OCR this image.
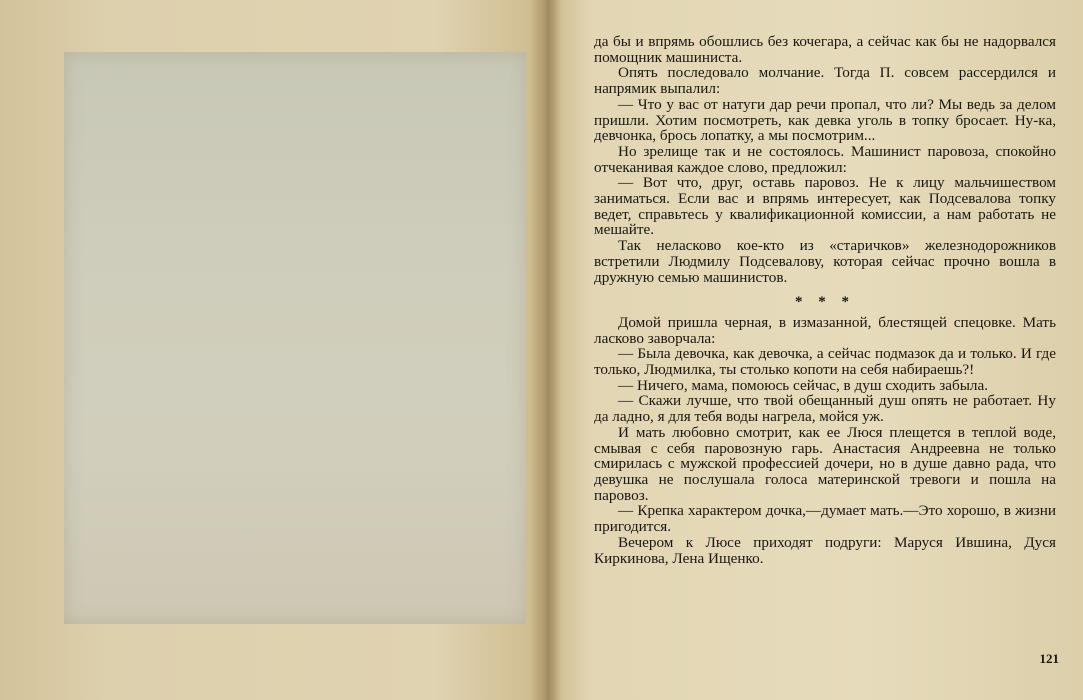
да бы и впрямь обошлись без кочегара, а сейчас как бы не надорвался помощник машиниста.

Опять последовало молчание. Тогда П. совсем рассердился и напрямик выпалил:

— Что у вас от натуги дар речи пропал, что ли? Мы ведь за делом пришли. Хотим посмотреть, как девка уголь в топку бросает. Ну-ка, девчонка, брось лопатку, а мы посмотрим...

Но зрелище так и не состоялось. Машинист паровоза, спокойно отчеканивая каждое слово, предложил:

— Вот что, друг, оставь паровоз. Не к лицу мальчишеством заниматься. Если вас и впрямь интересует, как Подсевалова топку ведет, справьтесь у квалификационной комиссии, а нам работать не мешайте.

Так неласково кое-кто из «старичков» железнодорожников встретили Людмилу Подсевалову, которая сейчас прочно вошла в дружную семью машинистов.

* * *

Домой пришла черная, в измазанной, блестящей спецовке. Мать ласково заворчала:

— Была девочка, как девочка, а сейчас подмазок да и только. И где только, Людмилка, ты столько копоти на себя набираешь?!

— Ничего, мама, помоюсь сейчас, в душ сходить забыла.

— Скажи лучше, что твой обещанный душ опять не работает. Ну да ладно, я для тебя воды нагрела, мойся уж.

И мать любовно смотрит, как ее Люся плещется в теплой воде, смывая с себя паровозную гарь. Анастасия Андреевна не только смирилась с мужской профессией дочери, но в душе давно рада, что девушка не послушала голоса материнской тревоги и пошла на паровоз.

— Крепка характером дочка,—думает мать.—Это хорошо, в жизни пригодится.

Вечером к Люсе приходят подруги: Маруся Ившина, Дуся Киркинова, Лена Ищенко.

121
